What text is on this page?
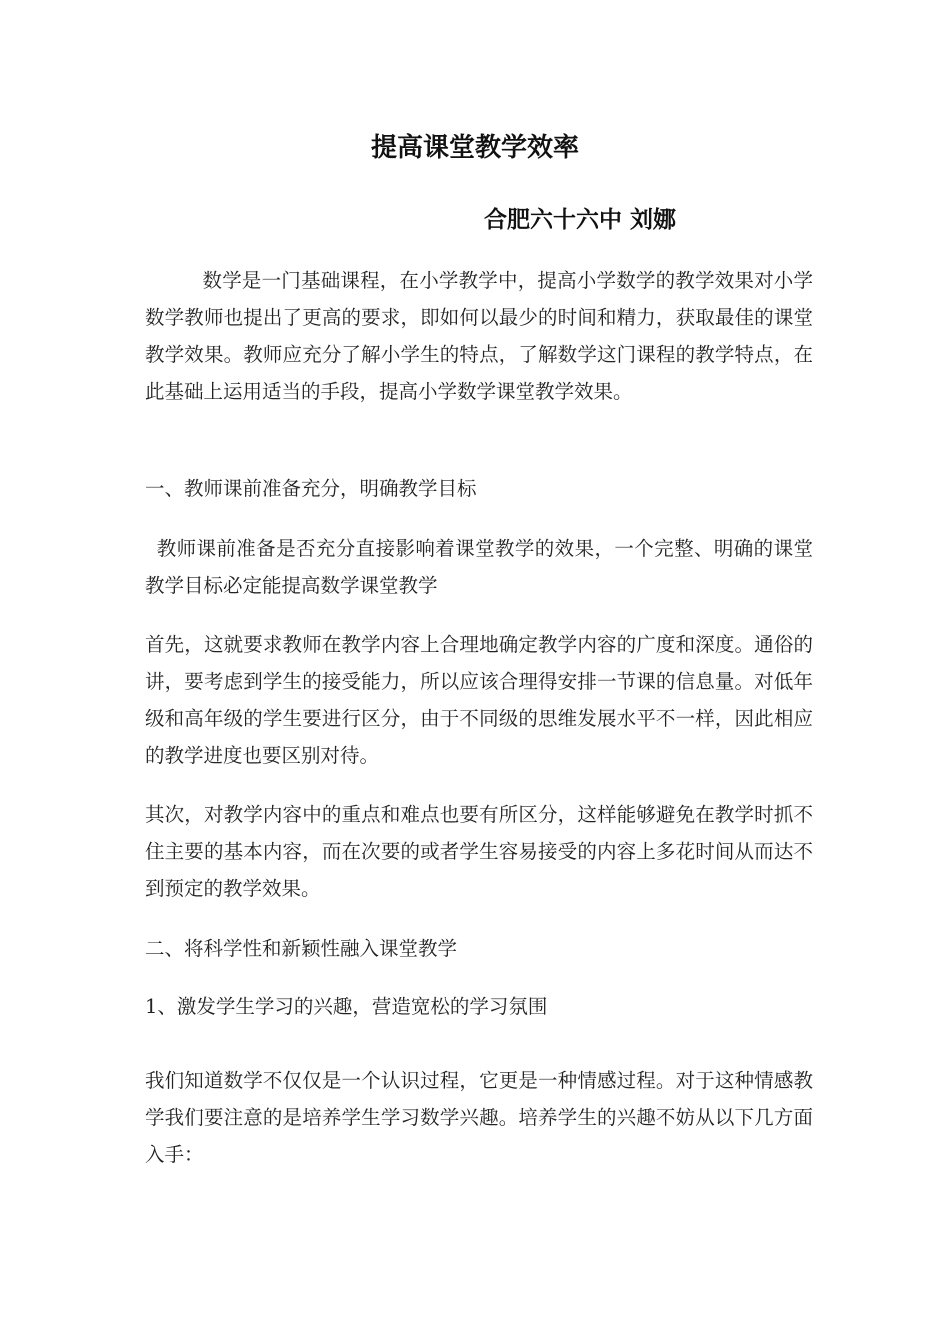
提高课堂教学效率
合肥六十六中 刘娜

数学是一门基础课程，在小学教学中，提高小学数学的教学效果对小学数学教师也提出了更高的要求，即如何以最少的时间和精力，获取最佳的课堂教学效果。教师应充分了解小学生的特点，了解数学这门课程的教学特点，在此基础上运用适当的手段，提高小学数学课堂教学效果。

一、教师课前准备充分，明确教学目标

教师课前准备是否充分直接影响着课堂教学的效果，一个完整、明确的课堂教学目标必定能提高数学课堂教学

首先，这就要求教师在教学内容上合理地确定教学内容的广度和深度。通俗的讲，要考虑到学生的接受能力，所以应该合理得安排一节课的信息量。对低年级和高年级的学生要进行区分，由于不同级的思维发展水平不一样，因此相应的教学进度也要区别对待。

其次，对教学内容中的重点和难点也要有所区分，这样能够避免在教学时抓不住主要的基本内容，而在次要的或者学生容易接受的内容上多花时间从而达不到预定的教学效果。

二、将科学性和新颖性融入课堂教学

1、激发学生学习的兴趣，营造宽松的学习氛围

我们知道数学不仅仅是一个认识过程，它更是一种情感过程。对于这种情感教学我们要注意的是培养学生学习数学兴趣。培养学生的兴趣不妨从以下几方面入手：
